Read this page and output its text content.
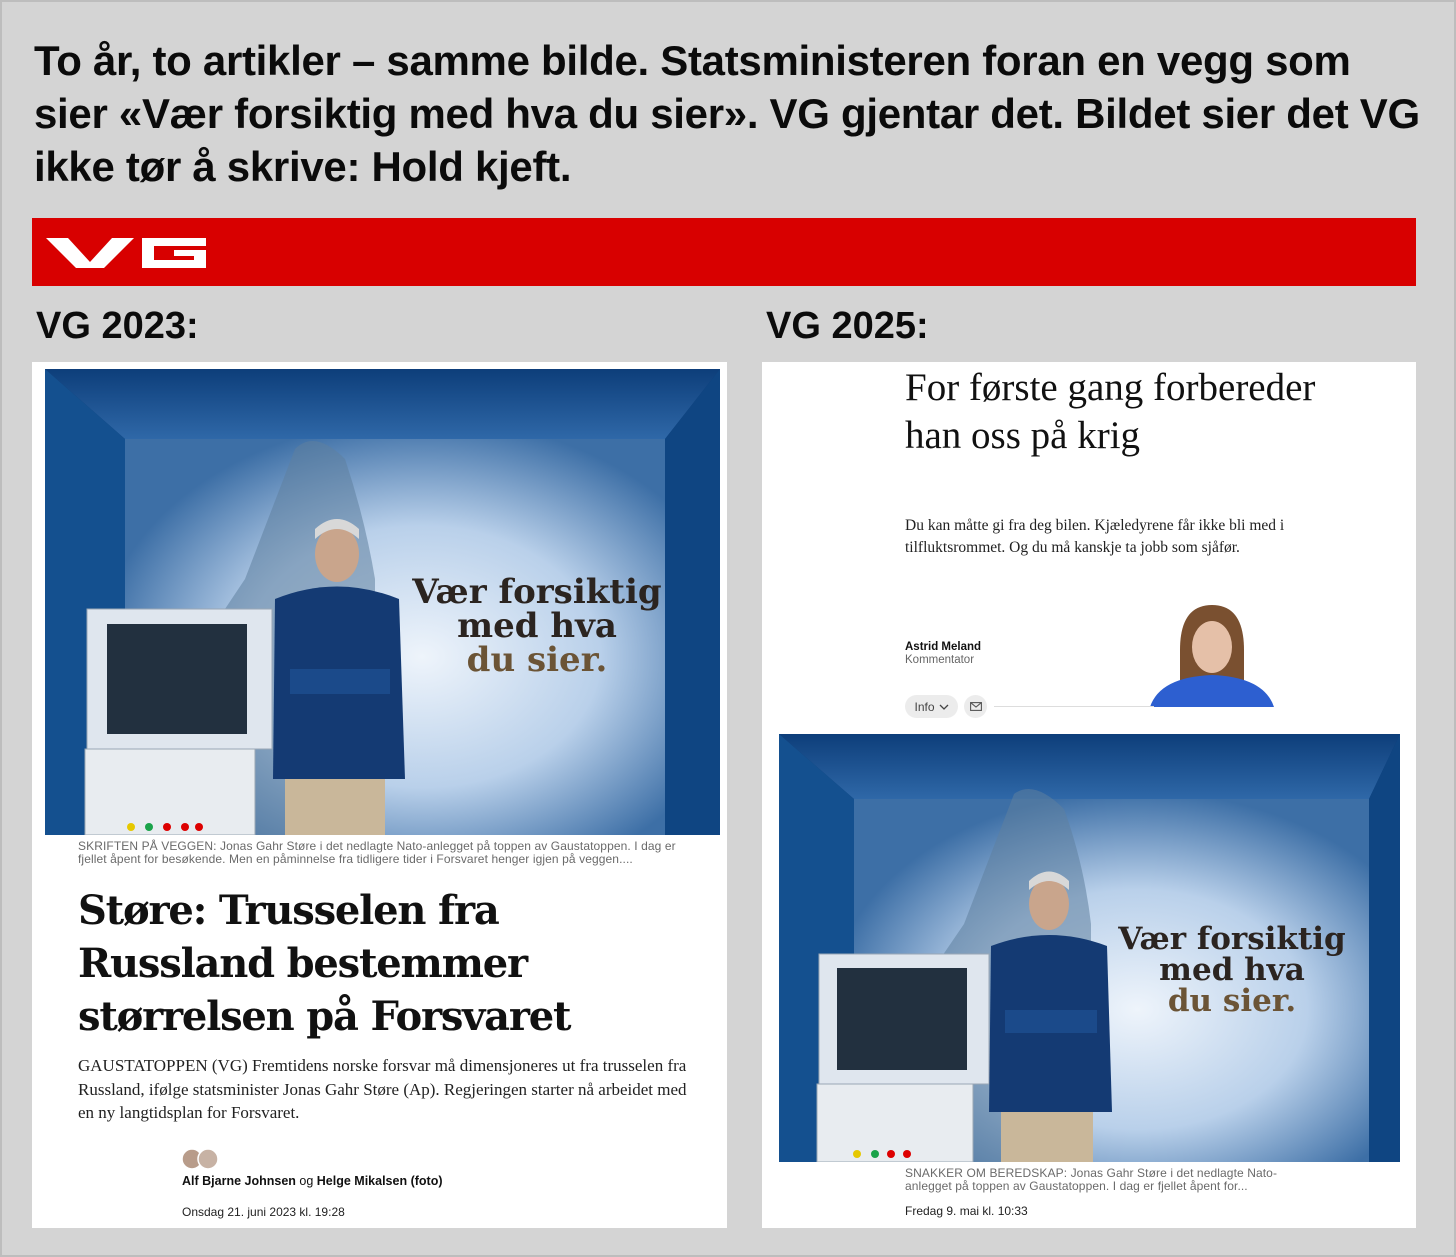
To år, to artikler – samme bilde. Statsministeren foran en vegg som sier «Vær forsiktig med hva du sier». VG gjentar det. Bildet sier det VG ikke tør å skrive: Hold kjeft.
VG 2023:	VG 2025:
Vær forsiktig
med hva
du sier.
SKRIFTEN PÅ VEGGEN: Jonas Gahr Støre i det nedlagte Nato-anlegget på toppen av Gaustatoppen. I dag er fjellet åpent for besøkende. Men en påminnelse fra tidligere tider i Forsvaret henger igjen på veggen....
Støre: Trusselen fra Russland bestemmer størrelsen på Forsvaret
GAUSTATOPPEN (VG) Fremtidens norske forsvar må dimensjoneres ut fra trusselen fra Russland, ifølge statsminister Jonas Gahr Støre (Ap). Regjeringen starter nå arbeidet med en ny langtidsplan for Forsvaret.
Alf Bjarne Johnsen og Helge Mikalsen (foto)
Onsdag 21. juni 2023 kl. 19:28
For første gang forbereder han oss på krig
Du kan måtte gi fra deg bilen. Kjæledyrene får ikke bli med i tilfluktsrommet. Og du må kanskje ta jobb som sjåfør.
Astrid Meland
Kommentator
Info
Vær forsiktig
med hva
du sier.
SNAKKER OM BEREDSKAP: Jonas Gahr Støre i det nedlagte Nato-anlegget på toppen av Gaustatoppen. I dag er fjellet åpent for...
Fredag 9. mai kl. 10:33
